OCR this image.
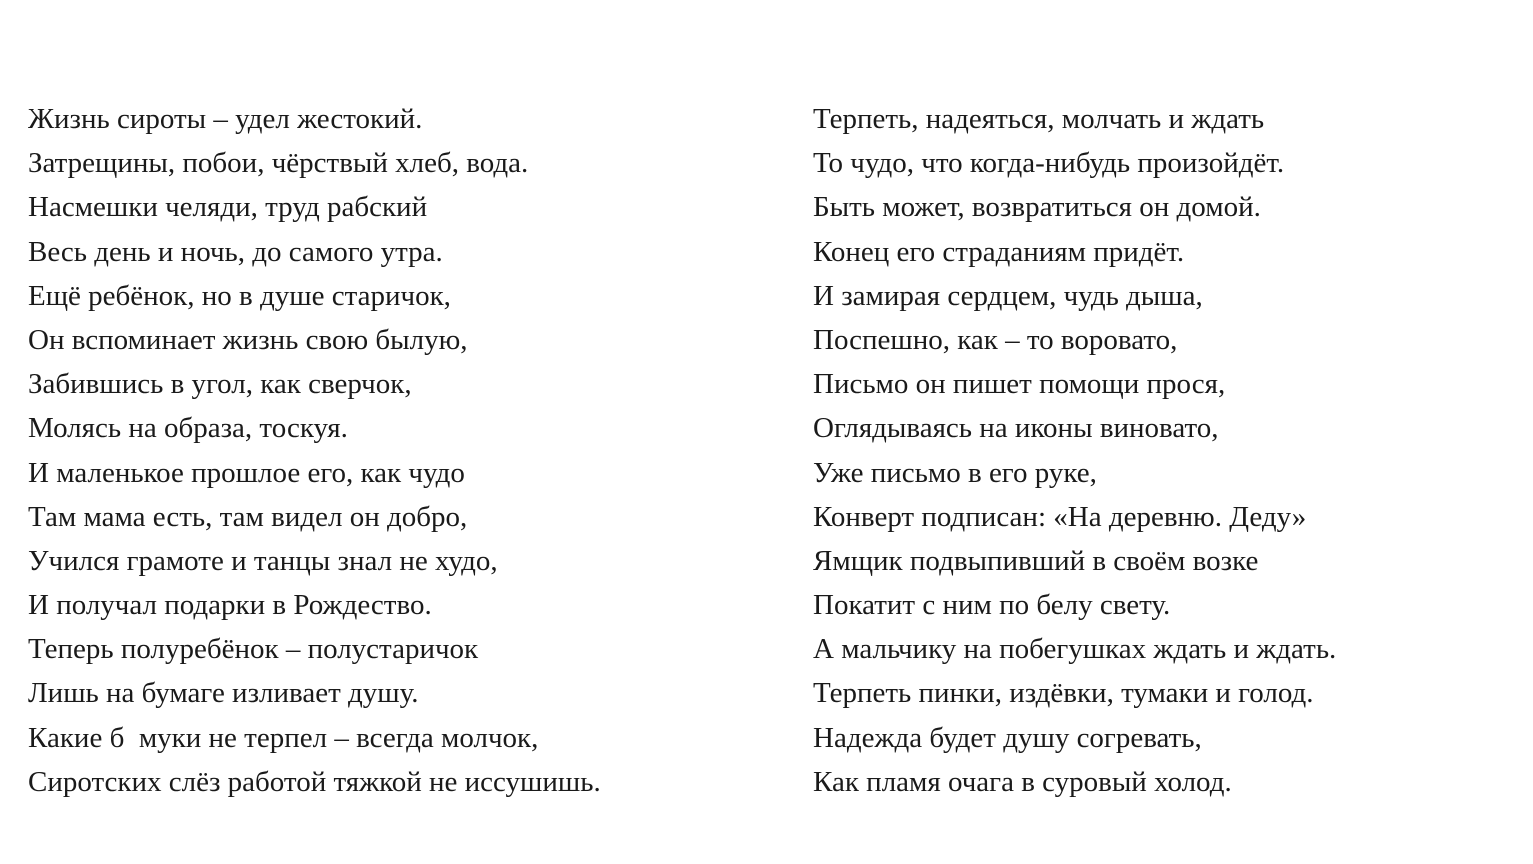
Жизнь сироты – удел жестокий.
Затрещины, побои, чёрствый хлеб, вода.
Насмешки челяди, труд рабский
Весь день и ночь, до самого утра.
Ещё ребёнок, но в душе старичок,
Он вспоминает жизнь свою былую,
Забившись в угол, как сверчок,
Молясь на образа, тоскуя.
И маленькое прошлое его, как чудо
Там мама есть, там видел он добро,
Учился грамоте и танцы знал не худо,
И получал подарки в Рождество.
Теперь полуребёнок – полустаричок
Лишь на бумаге изливает душу.
Какие б  муки не терпел – всегда молчок,
Сиротских слёз работой тяжкой не иссушишь.
Терпеть, надеяться, молчать и ждать
То чудо, что когда-нибудь произойдёт.
Быть может, возвратиться он домой.
Конец его страданиям придёт.
И замирая сердцем, чудь дыша,
Поспешно, как – то воровато,
Письмо он пишет помощи прося,
Оглядываясь на иконы виновато,
Уже письмо в его руке,
Конверт подписан: «На деревню. Деду»
Ямщик подвыпивший в своём возке
Покатит с ним по белу свету.
А мальчику на побегушках ждать и ждать.
Терпеть пинки, издёвки, тумаки и голод.
Надежда будет душу согревать,
Как пламя очага в суровый холод.
